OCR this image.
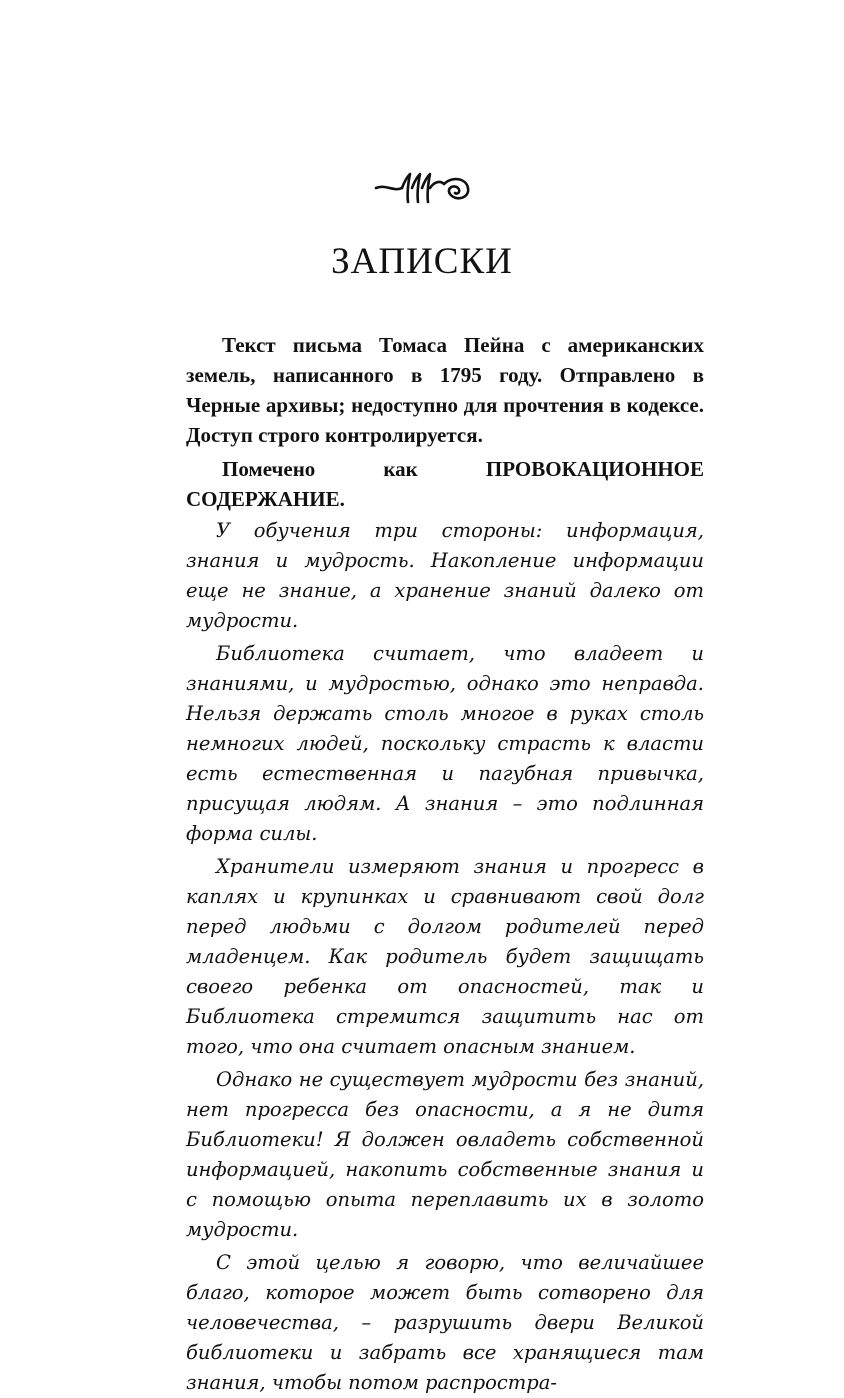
ЗАПИСКИ

Текст письма Томаса Пейна с американских земель, написанного в 1795 году. Отправлено в Черные архивы; недоступно для прочтения в кодексе. Доступ строго контролируется.

Помечено как ПРОВОКАЦИОННОЕ СОДЕРЖАНИЕ.

У обучения три стороны: информация, знания и мудрость. Накопление информации еще не знание, а хранение знаний далеко от мудрости.

Библиотека считает, что владеет и знаниями, и мудростью, однако это неправда. Нельзя держать столь многое в руках столь немногих людей, поскольку страсть к власти есть естественная и пагубная привычка, присущая людям. А знания – это подлинная форма силы.

Хранители измеряют знания и прогресс в каплях и крупинках и сравнивают свой долг перед людьми с долгом родителей перед младенцем. Как родитель будет защищать своего ребенка от опасностей, так и Библиотека стремится защитить нас от того, что она считает опасным знанием.

Однако не существует мудрости без знаний, нет прогресса без опасности, а я не дитя Библиотеки! Я должен овладеть собственной информацией, накопить собственные знания и с помощью опыта переплавить их в золото мудрости.

С этой целью я говорю, что величайшее благо, которое может быть сотворено для человечества, – разрушить двери Великой библиотеки и забрать все хранящиеся там знания, чтобы потом распростра-
